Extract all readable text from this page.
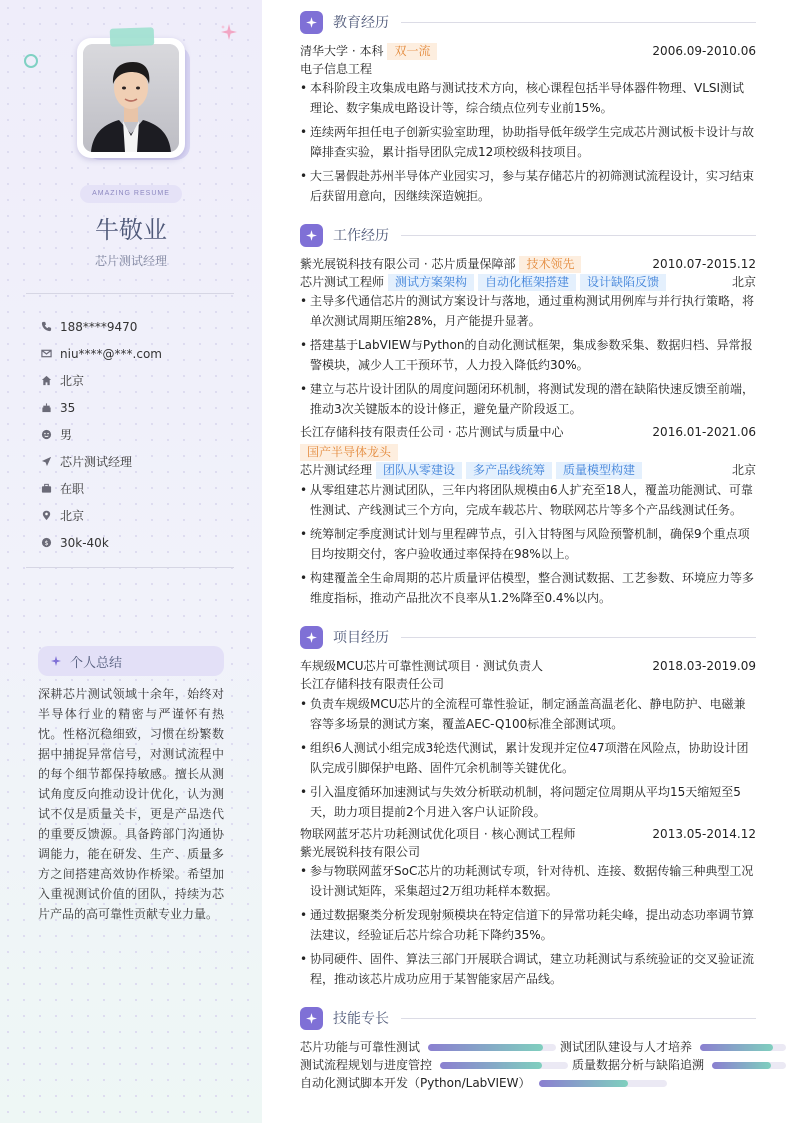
AMAZING RESUME
牛敬业
芯片测试经理
188****9470
niu****@***.com
北京
35
男
芯片测试经理
在职
北京
$ 30k-40k
个人总结
深耕芯片测试领域十余年，始终对半导体行业的精密与严谨怀有热忱。性格沉稳细致，习惯在纷繁数据中捕捉异常信号，对测试流程中的每个细节都保持敏感。擅长从测试角度反向推动设计优化，认为测试不仅是质量关卡，更是产品迭代的重要反馈源。具备跨部门沟通协调能力，能在研发、生产、质量多方之间搭建高效协作桥梁。希望加入重视测试价值的团队，持续为芯片产品的高可靠性贡献专业力量。
教育经历
清华大学 · 本科 双一流	2006.09-2010.06
电子信息工程
• 本科阶段主攻集成电路与测试技术方向，核心课程包括半导体器件物理、VLSI测试理论、数字集成电路设计等，综合绩点位列专业前15%。
• 连续两年担任电子创新实验室助理，协助指导低年级学生完成芯片测试板卡设计与故障排查实验，累计指导团队完成12项校级科技项目。
• 大三暑假赴苏州半导体产业园实习，参与某存储芯片的初筛测试流程设计，实习结束后获留用意向，因继续深造婉拒。
工作经历
紫光展锐科技有限公司 · 芯片质量保障部 技术领先	2010.07-2015.12
芯片测试工程师 测试方案架构 自动化框架搭建 设计缺陷反馈	北京
• 主导多代通信芯片的测试方案设计与落地，通过重构测试用例库与并行执行策略，将单次测试周期压缩28%，月产能提升显著。
• 搭建基于LabVIEW与Python的自动化测试框架，集成参数采集、数据归档、异常报警模块，减少人工干预环节，人力投入降低约30%。
• 建立与芯片设计团队的周度问题闭环机制，将测试发现的潜在缺陷快速反馈至前端，推动3次关键版本的设计修正，避免量产阶段返工。
长江存储科技有限责任公司 · 芯片测试与质量中心	2016.01-2021.06
国产半导体龙头
芯片测试经理 团队从零建设 多产品线统筹 质量模型构建	北京
• 从零组建芯片测试团队，三年内将团队规模由6人扩充至18人，覆盖功能测试、可靠性测试、产线测试三个方向，完成车载芯片、物联网芯片等多个产品线测试任务。
• 统筹制定季度测试计划与里程碑节点，引入甘特图与风险预警机制，确保9个重点项目均按期交付，客户验收通过率保持在98%以上。
• 构建覆盖全生命周期的芯片质量评估模型，整合测试数据、工艺参数、环境应力等多维度指标，推动产品批次不良率从1.2%降至0.4%以内。
项目经历
车规级MCU芯片可靠性测试项目 · 测试负责人	2018.03-2019.09
长江存储科技有限责任公司
• 负责车规级MCU芯片的全流程可靠性验证，制定涵盖高温老化、静电防护、电磁兼容等多场景的测试方案，覆盖AEC-Q100标准全部测试项。
• 组织6人测试小组完成3轮迭代测试，累计发现并定位47项潜在风险点，协助设计团队完成引脚保护电路、固件冗余机制等关键优化。
• 引入温度循环加速测试与失效分析联动机制，将问题定位周期从平均15天缩短至5天，助力项目提前2个月进入客户认证阶段。
物联网蓝牙芯片功耗测试优化项目 · 核心测试工程师	2013.05-2014.12
紫光展锐科技有限公司
• 参与物联网蓝牙SoC芯片的功耗测试专项，针对待机、连接、数据传输三种典型工况设计测试矩阵，采集超过2万组功耗样本数据。
• 通过数据聚类分析发现射频模块在特定信道下的异常功耗尖峰，提出动态功率调节算法建议，经验证后芯片综合功耗下降约35%。
• 协同硬件、固件、算法三部门开展联合调试，建立功耗测试与系统验证的交叉验证流程，推动该芯片成功应用于某智能家居产品线。
技能专长
芯片功能与可靠性测试	测试团队建设与人才培养
测试流程规划与进度管控	质量数据分析与缺陷追溯
自动化测试脚本开发（Python/LabVIEW）
